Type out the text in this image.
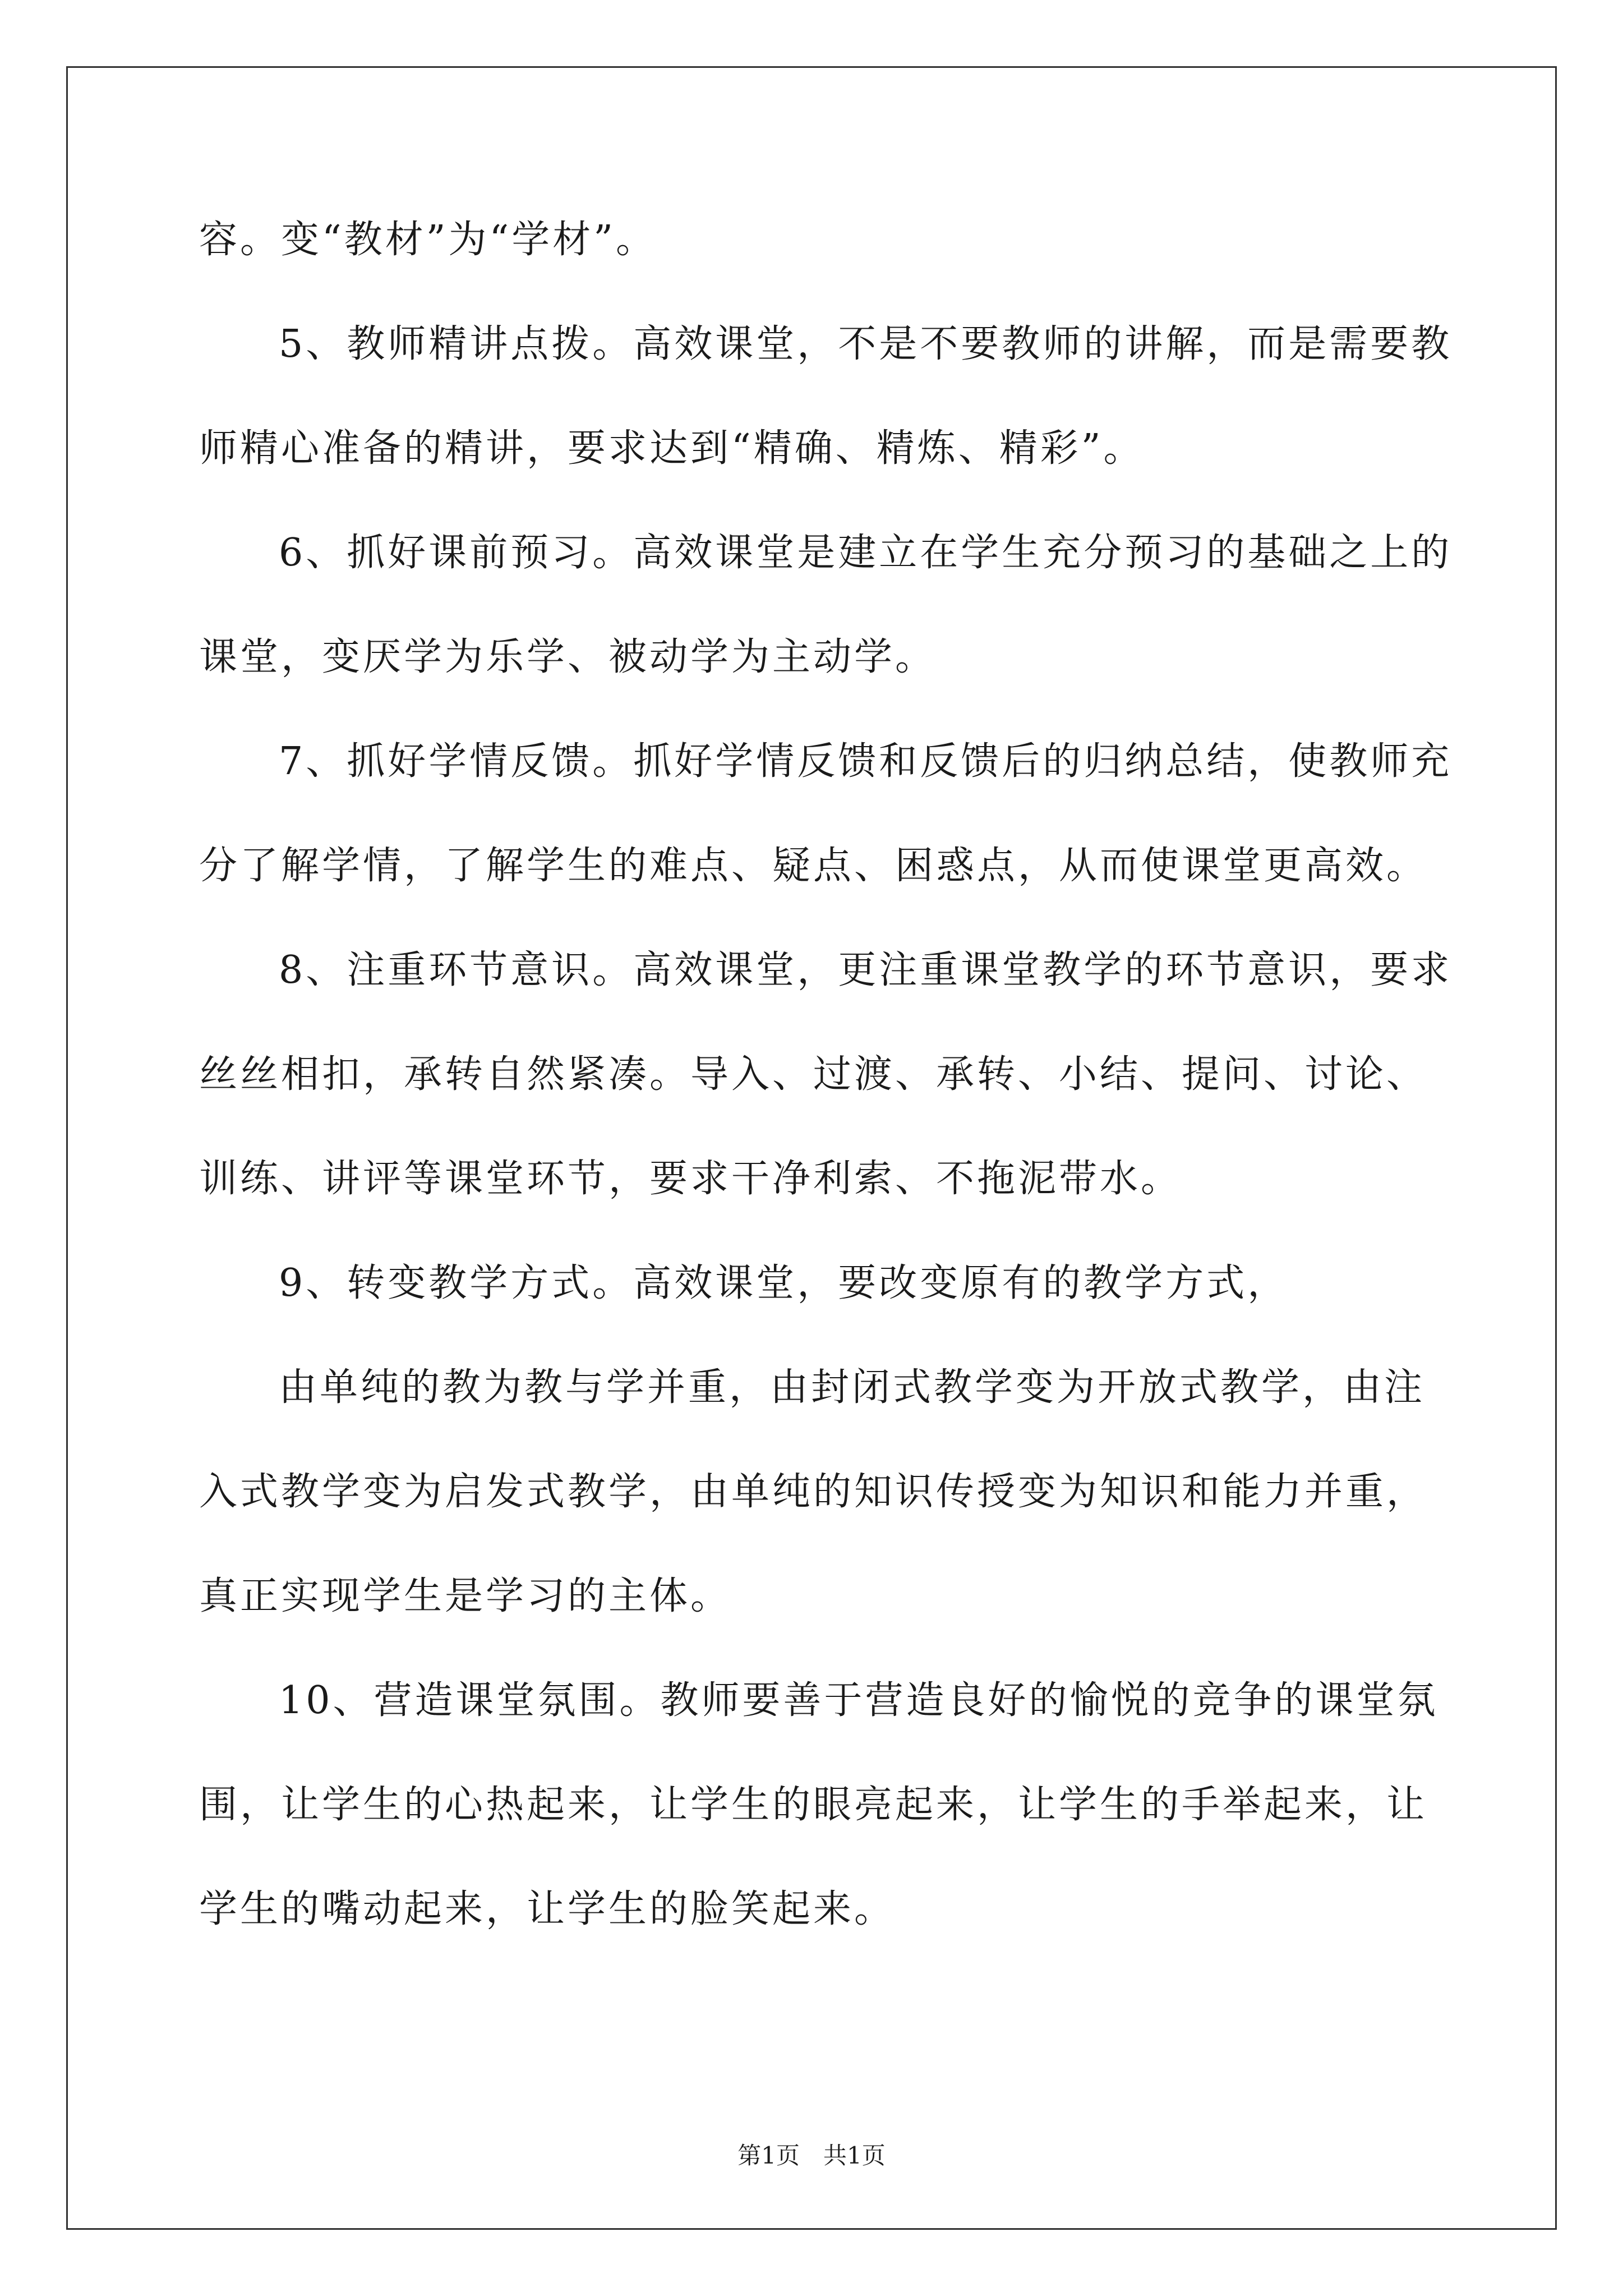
容。变“教材”为“学材”。
5、教师精讲点拨。高效课堂，不是不要教师的讲解，而是需要教
师精心准备的精讲，要求达到“精确、精炼、精彩”。
6、抓好课前预习。高效课堂是建立在学生充分预习的基础之上的
课堂，变厌学为乐学、被动学为主动学。
7、抓好学情反馈。抓好学情反馈和反馈后的归纳总结，使教师充
分了解学情，了解学生的难点、疑点、困惑点，从而使课堂更高效。
8、注重环节意识。高效课堂，更注重课堂教学的环节意识，要求
丝丝相扣，承转自然紧凑。导入、过渡、承转、小结、提问、讨论、
训练、讲评等课堂环节，要求干净利索、不拖泥带水。
9、转变教学方式。高效课堂，要改变原有的教学方式，
由单纯的教为教与学并重，由封闭式教学变为开放式教学，由注
入式教学变为启发式教学，由单纯的知识传授变为知识和能力并重，
真正实现学生是学习的主体。
10、营造课堂氛围。教师要善于营造良好的愉悦的竞争的课堂氛
围，让学生的心热起来，让学生的眼亮起来，让学生的手举起来，让
学生的嘴动起来，让学生的脸笑起来。
第1页　共1页
